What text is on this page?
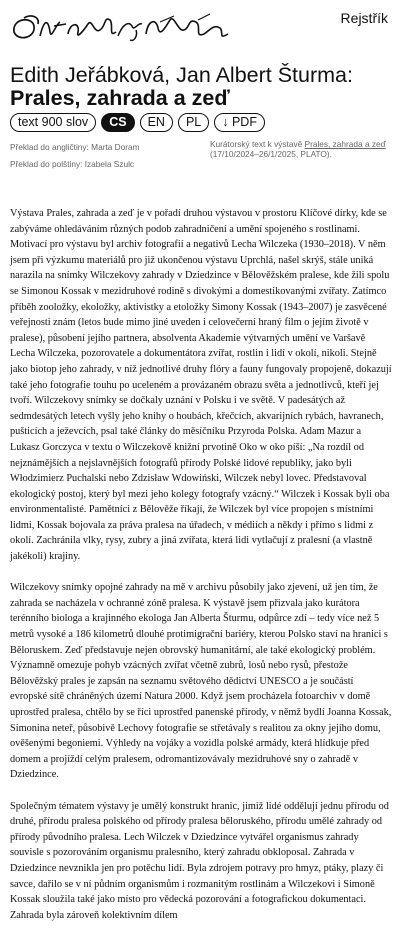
Rejstřík
Edith Jeřábková, Jan Albert Šturma:
Prales, zahrada a zeď
text 900 slov	CS	EN	PL	↓ PDF
Překlad do angličtiny: Marta Doram
Překlad do polštiny: Izabela Szulc
Kurátorský text k výstavě Prales, zahrada a zeď (17/10/2024–26/1/2025, PLATO).

Výstava Prales, zahrada a zeď je v pořadí druhou výstavou v prostoru Klíčové dírky, kde se zabýváme ohledáváním různých podob zahradničení a umění spojeného s rostlinami. Motivací pro výstavu byl archiv fotografií a negativů Lecha Wilczeka (1930–2018). V něm jsem při výzkumu materiálů pro již ukončenou výstavu Uprchlá, našel skrýš, stále uniká narazila na snímky Wilczekovy zahrady v Dziedzince v Bělověžském pralese, kde žili spolu se Simonou Kossak v mezidruhové rodině s divokými a domestikovanými zvířaty. Zatímco příběh zooložky, ekoložky, aktivistky a etoložky Simony Kossak (1943–2007) je zasvěcené veřejnosti znám (letos bude mimo jiné uveden i celovečerní hraný film o jejím životě v pralese), působení jejího partnera, absolventa Akademie výtvarných umění ve Varšavě Lecha Wilczeka, pozorovatele a dokumentátora zvířat, rostlin i lidí v okolí, nikoli. Stejně jako biotop jeho zahrady, v níž jednotlivé druhy flóry a fauny fungovaly propojeně, dokazují také jeho fotografie touhu po uceleném a provázaném obrazu světa a jednotlivců, kteří jej tvoří. Wilczekovy snímky se dočkaly uznání v Polsku i ve světě. V padesátých až sedmdesátých letech vyšly jeho knihy o houbách, křečcích, akvarijních rybách, havranech, pušticích a ježevcích, psal také články do měsíčníku Przyroda Polska. Adam Mazur a Lukasz Gorczyca v textu o Wilczekově knižní prvotině Oko w oko píší: „Na rozdíl od nejznámějších a nejslavnějších fotografů přírody Polské lidové republiky, jako byli Włodzimierz Puchalski nebo Zdzisław Wdowiński, Wilczek nebyl lovec. Představoval ekologický postoj, který byl mezi jeho kolegy fotografy vzácný.“ Wilczek i Kossak byli oba environmentalisté. Pamětníci z Bělověže říkají, že Wilczek byl více propojen s místními lidmi, Kossak bojovala za práva pralesa na úřadech, v médiích a někdy i přímo s lidmi z okolí. Zachránila vlky, rysy, zubry a jiná zvířata, která lidi vytlačují z pralesní (a vlastně jakékoli) krajiny.

Wilczekovy snímky opojné zahrady na mě v archivu působily jako zjevení, už jen tím, že zahrada se nacházela v ochranné zóně pralesa. K výstavě jsem přizvala jako kurátora terénního biologa a krajinného ekologa Jan Alberta Šturmu, odpůrce zdí – tedy více než 5 metrů vysoké a 186 kilometrů dlouhé protimigrační bariéry, kterou Polsko staví na hranici s Běloruskem. Zeď představuje nejen obrovský humanitární, ale také ekologický problém. Významně omezuje pohyb vzácných zvířat včetně zubrů, losů nebo rysů, přestože Bělověžský prales je zapsán na seznamu světového dědictví UNESCO a je součástí evropské sítě chráněných území Natura 2000. Když jsem procházela fotoarchiv v domě uprostřed pralesa, chtělo by se říci uprostřed panenské přírody, v němž bydlí Joanna Kossak, Simonina neteř, působivě Lechovy fotografie se střetávaly s realitou za okny jejího domu, ověšenými begoniemi. Výhledy na vojáky a vozidla polské armády, která hlídkuje před domem a projíždí celým pralesem, odromantizovávaly mezidruhové sny o zahradě v Dziedzince.

Společným tématem výstavy je umělý konstrukt hranic, jimiž lidé oddělují jednu přírodu od druhé, přírodu pralesa polského od přírody pralesa běloruského, přírodu umělé zahrady od přírody původního pralesa. Lech Wilczek v Dziedzince vytvářel organismus zahrady souvisle s pozorováním organismu pralesního, který zahradu obkloposal. Zahrada v Dziedzince nevznikla jen pro potěchu lidí. Byla zdrojem potravy pro hmyz, ptáky, plazy či savce, dařilo se v ní půdním organismům i rozmanitým rostlinám a Wilczekovi i Simoně Kossak sloužila také jako místo pro vědecká pozorování a fotografickou dokumentaci. Zahrada byla zároveň kolektivním dílem
